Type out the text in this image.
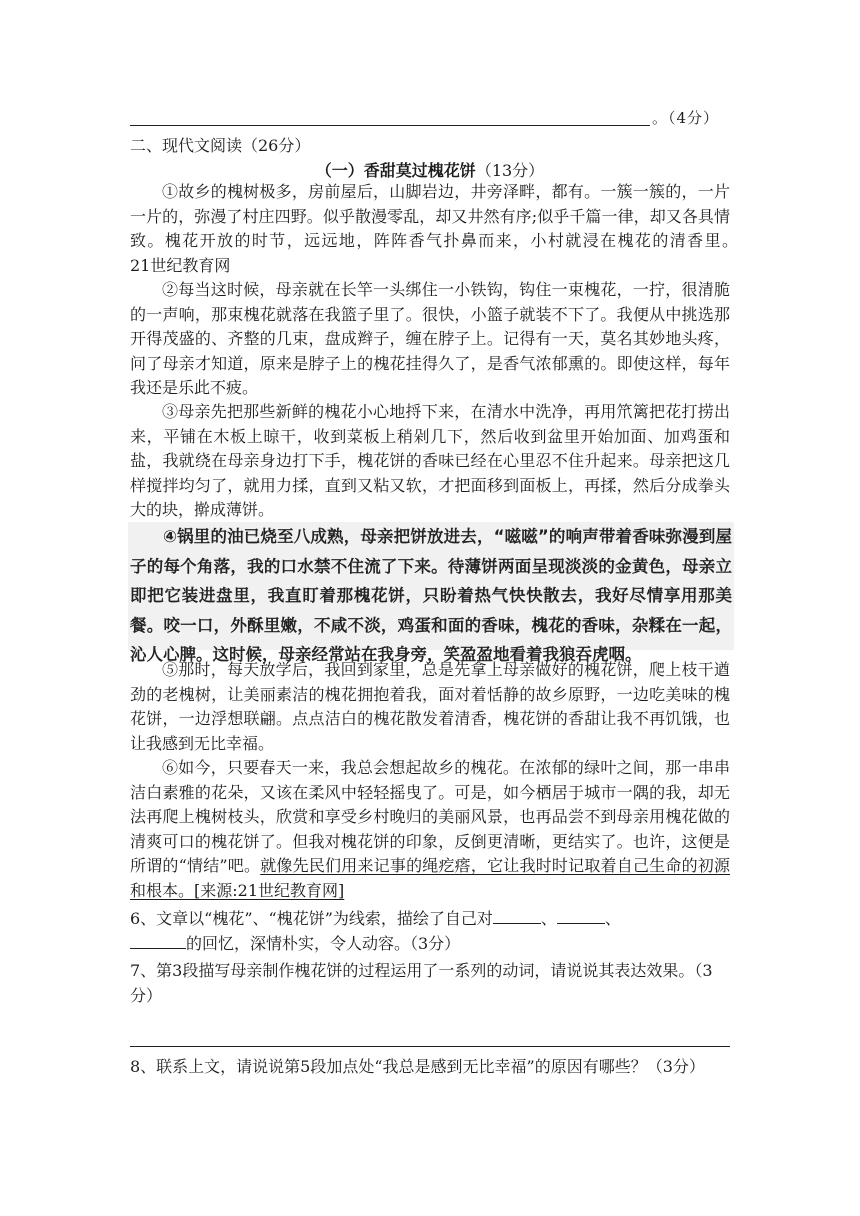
。（4分）
二、现代文阅读（26分）
（一）香甜莫过槐花饼（13分）
①故乡的槐树极多，房前屋后，山脚岩边，井旁泽畔，都有。一簇一簇的，一片一片的，弥漫了村庄四野。似乎散漫零乱，却又井然有序;似乎千篇一律，却又各具情致。槐花开放的时节，远远地，阵阵香气扑鼻而来，小村就浸在槐花的清香里。　　21世纪教育网
②每当这时候，母亲就在长竿一头绑住一小铁钩，钩住一束槐花，一拧，很清脆的一声响，那束槐花就落在我篮子里了。很快，小篮子就装不下了。我便从中挑选那开得茂盛的、齐整的几束，盘成辫子，缠在脖子上。记得有一天，莫名其妙地头疼，问了母亲才知道，原来是脖子上的槐花挂得久了，是香气浓郁熏的。即使这样，每年我还是乐此不疲。
③母亲先把那些新鲜的槐花小心地捋下来，在清水中洗净，再用笊篱把花打捞出来，平铺在木板上晾干，收到菜板上稍剁几下，然后收到盆里开始加面、加鸡蛋和盐，我就绕在母亲身边打下手，槐花饼的香味已经在心里忍不住升起来。母亲把这几样搅拌均匀了，就用力揉，直到又粘又软，才把面移到面板上，再揉，然后分成拳头大的块，擀成薄饼。
④锅里的油已烧至八成熟，母亲把饼放进去，“嗞嗞”的响声带着香味弥漫到屋子的每个角落，我的口水禁不住流了下来。待薄饼两面呈现淡淡的金黄色，母亲立即把它装进盘里，我直盯着那槐花饼，只盼着热气快快散去，我好尽情享用那美餐。咬一口，外酥里嫩，不咸不淡，鸡蛋和面的香味，槐花的香味，杂糅在一起，沁人心脾。这时候，母亲经常站在我身旁，笑盈盈地看着我狼吞虎咽。
⑤那时，每天放学后，我回到家里，总是先拿上母亲做好的槐花饼，爬上枝干遒劲的老槐树，让美丽素洁的槐花拥抱着我，面对着恬静的故乡原野，一边吃美味的槐花饼，一边浮想联翩。点点洁白的槐花散发着清香，槐花饼的香甜让我不再饥饿，也让我感到无比幸福。
⑥如今，只要春天一来，我总会想起故乡的槐花。在浓郁的绿叶之间，那一串串洁白素雅的花朵，又该在柔风中轻轻摇曳了。可是，如今栖居于城市一隅的我，却无法再爬上槐树枝头，欣赏和享受乡村晚归的美丽风景，也再品尝不到母亲用槐花做的清爽可口的槐花饼了。但我对槐花饼的印象，反倒更清晰，更结实了。也许，这便是所谓的“情结”吧。就像先民们用来记事的绳疙瘩，它让我时时记取着自己生命的初源和根本。[来源:21世纪教育网]
6、文章以“槐花”、“槐花饼”为线索，描绘了自己对	、	、
的回忆，深情朴实，令人动容。（3分）
7、第3段描写母亲制作槐花饼的过程运用了一系列的动词，请说说其表达效果。（3分）
8、联系上文，请说说第5段加点处“我总是感到无比幸福”的原因有哪些？（3分）
